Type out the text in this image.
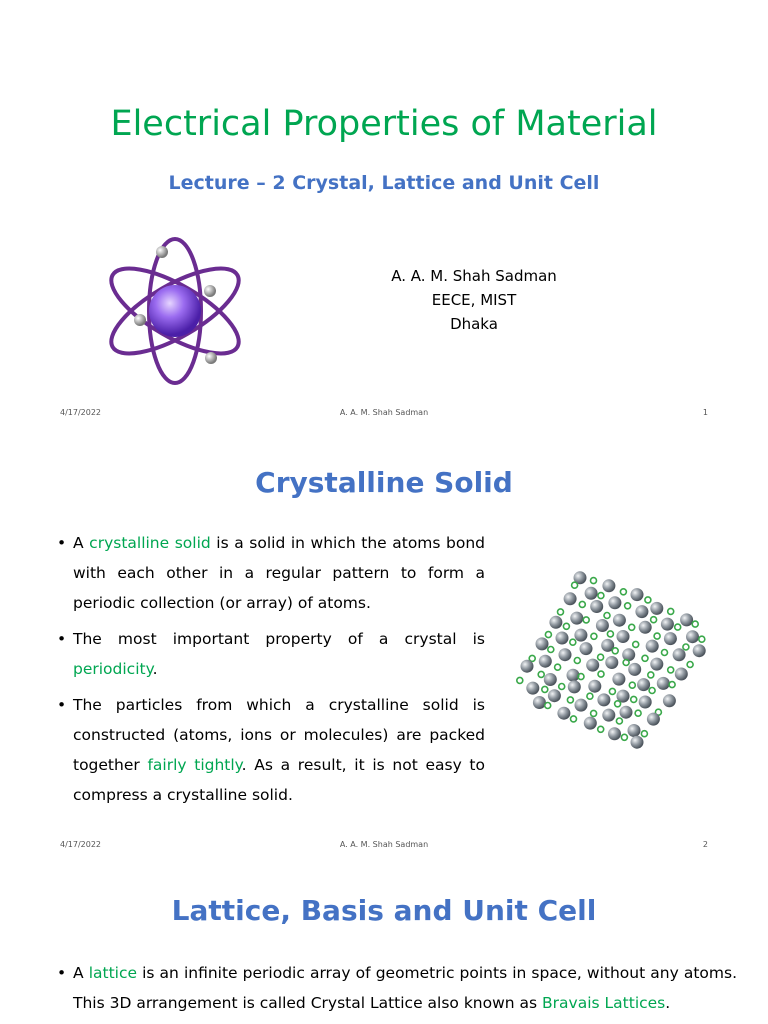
Electrical Properties of Material
Lecture – 2 Crystal, Lattice and Unit Cell
A. A. M. Shah Sadman
EECE, MIST
Dhaka
4/17/2022	A. A. M. Shah Sadman	1
Crystalline Solid
• A crystalline solid is a solid in which the atoms bond with each other in a regular pattern to form a periodic collection (or array) of atoms.
• The most important property of a crystal is periodicity.
• The particles from which a crystalline solid is constructed (atoms, ions or molecules) are packed together fairly tightly. As a result, it is not easy to compress a crystalline solid.
4/17/2022	A. A. M. Shah Sadman	2
Lattice, Basis and Unit Cell
• A lattice is an infinite periodic array of geometric points in space, without any atoms. This 3D arrangement is called Crystal Lattice also known as Bravais Lattices.
